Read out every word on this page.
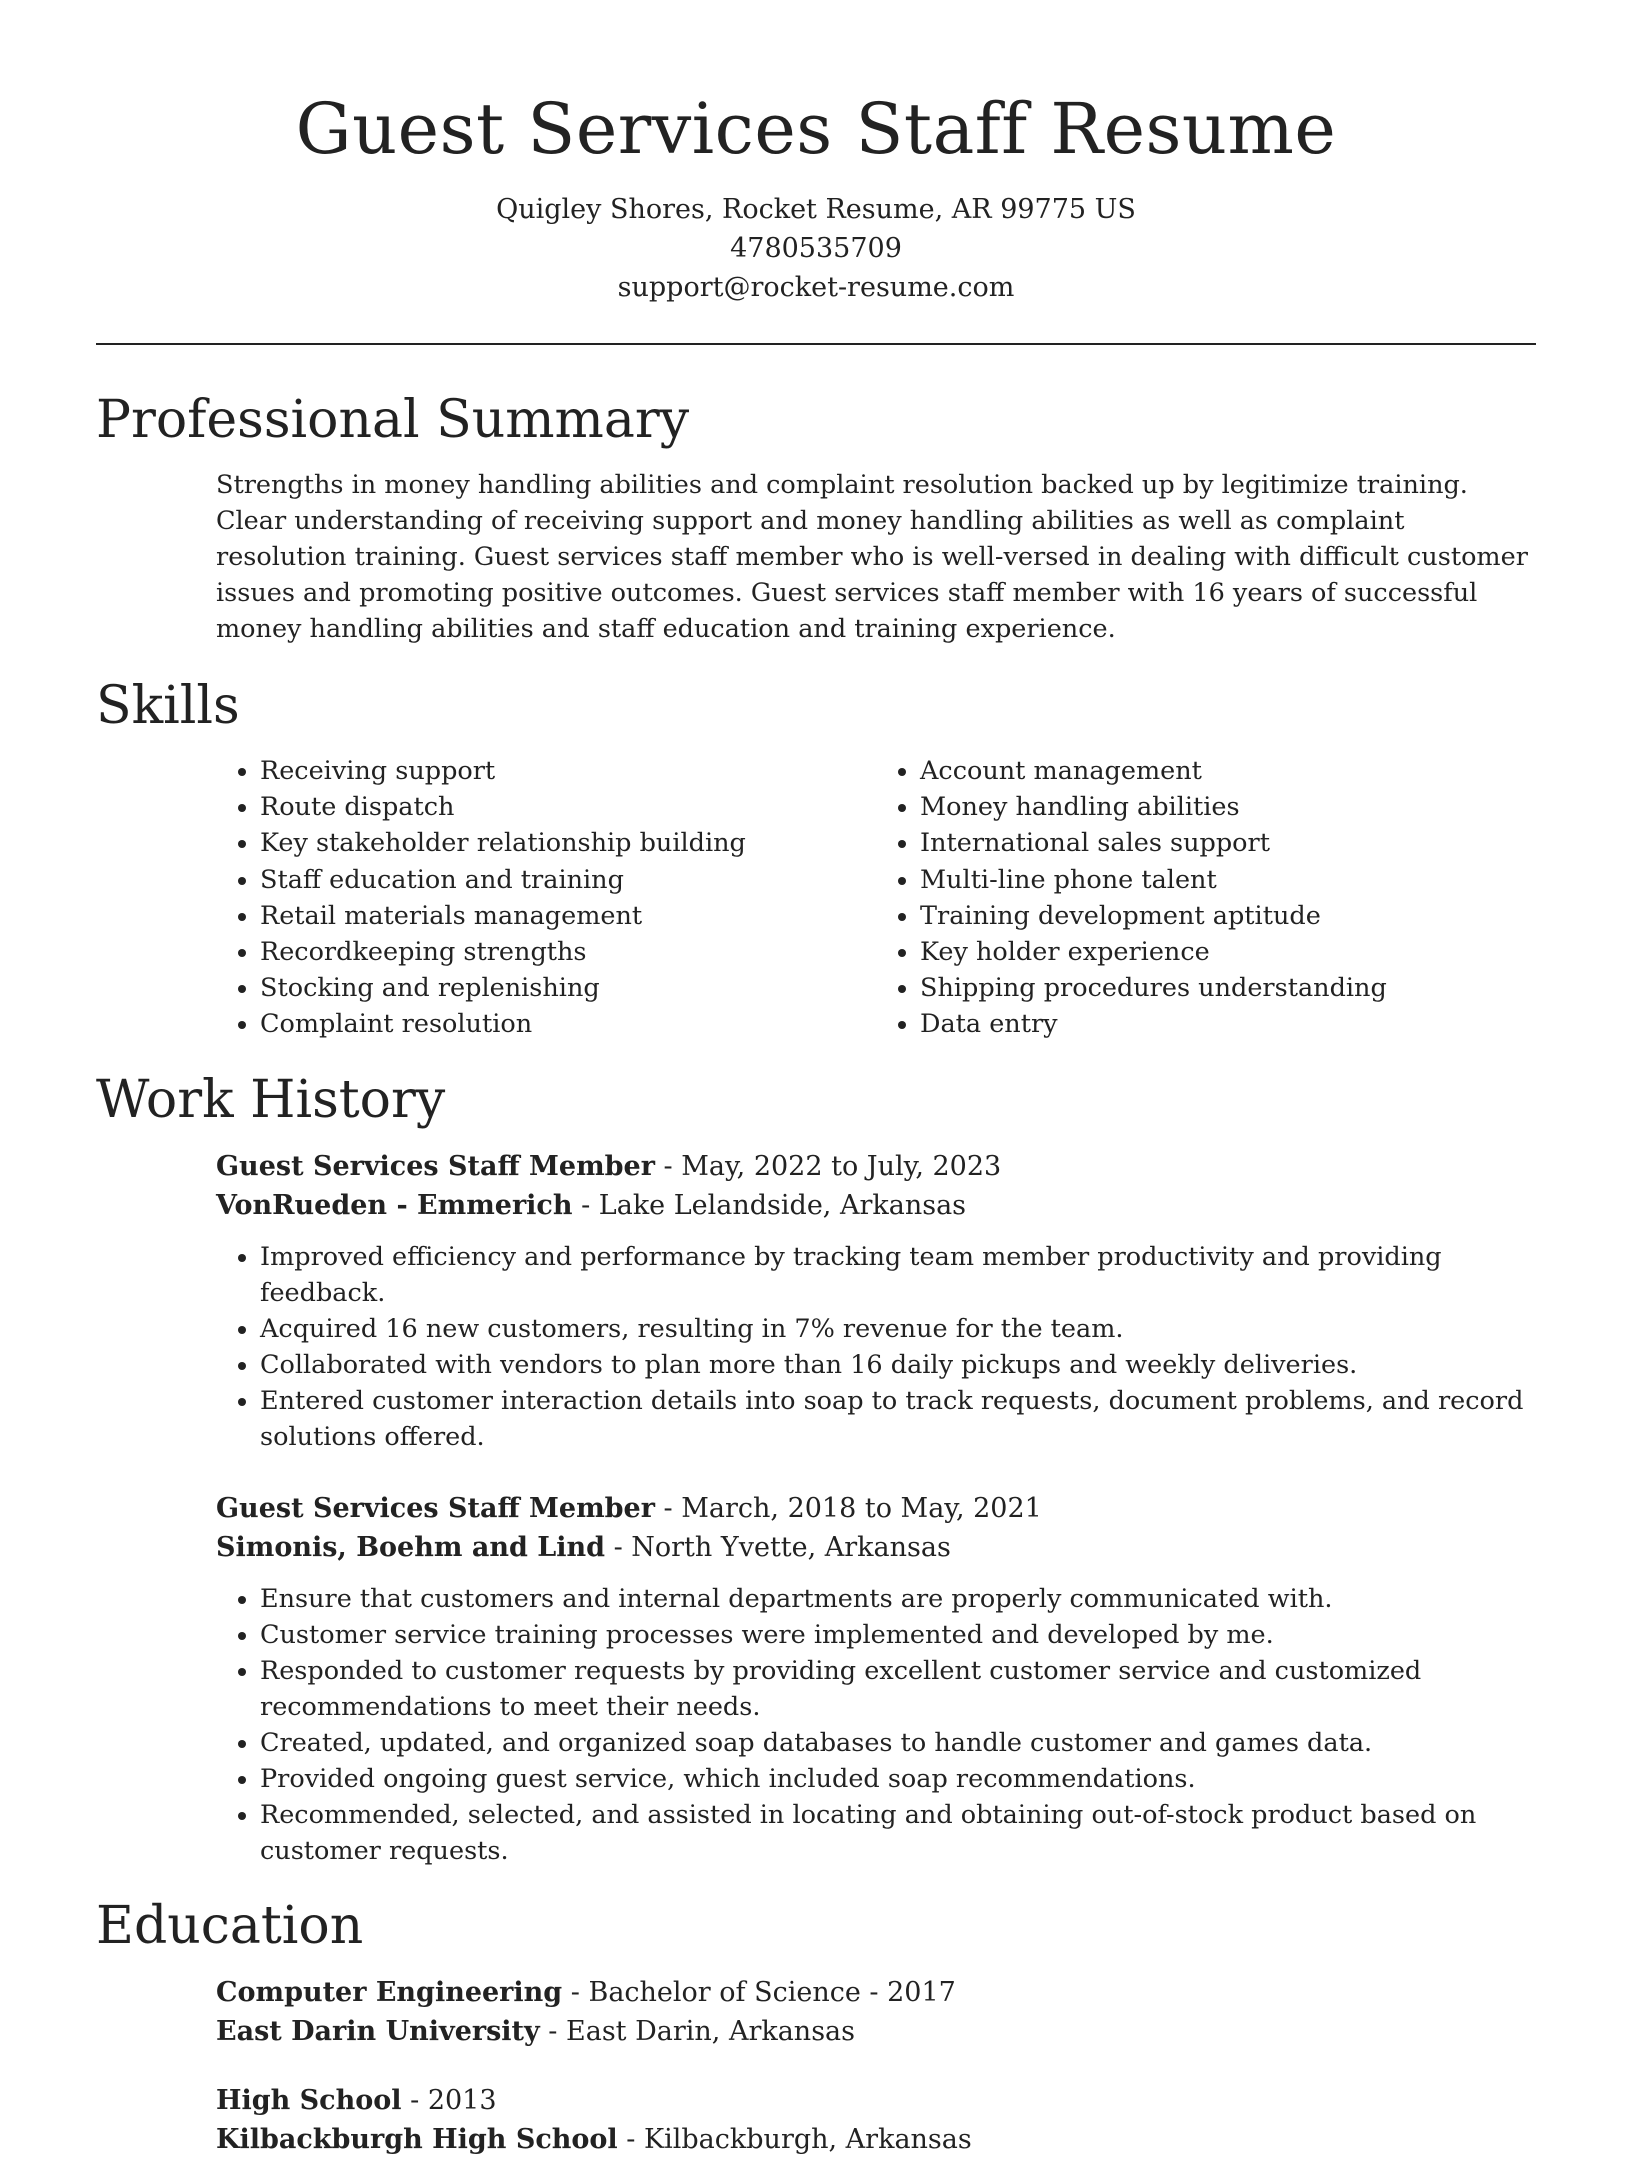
Guest Services Staff Resume
Quigley Shores, Rocket Resume, AR 99775 US
4780535709
support@rocket-resume.com
Professional Summary

Strengths in money handling abilities and complaint resolution backed up by legitimize training. Clear understanding of receiving support and money handling abilities as well as complaint resolution training. Guest services staff member who is well-versed in dealing with difficult customer issues and promoting positive outcomes. Guest services staff member with 16 years of successful money handling abilities and staff education and training experience.

Skills
• Receiving support
• Route dispatch
• Key stakeholder relationship building
• Staff education and training
• Retail materials management
• Recordkeeping strengths
• Stocking and replenishing
• Complaint resolution
• Account management
• Money handling abilities
• International sales support
• Multi-line phone talent
• Training development aptitude
• Key holder experience
• Shipping procedures understanding
• Data entry
Work History

Guest Services Staff Member - May, 2022 to July, 2023

VonRueden - Emmerich - Lake Lelandside, Arkansas

• Improved efficiency and performance by tracking team member productivity and providing feedback.
• Acquired 16 new customers, resulting in 7% revenue for the team.
• Collaborated with vendors to plan more than 16 daily pickups and weekly deliveries.
• Entered customer interaction details into soap to track requests, document problems, and record solutions offered.

Guest Services Staff Member - March, 2018 to May, 2021

Simonis, Boehm and Lind - North Yvette, Arkansas

• Ensure that customers and internal departments are properly communicated with.
• Customer service training processes were implemented and developed by me.
• Responded to customer requests by providing excellent customer service and customized recommendations to meet their needs.
• Created, updated, and organized soap databases to handle customer and games data.
• Provided ongoing guest service, which included soap recommendations.
• Recommended, selected, and assisted in locating and obtaining out-of-stock product based on customer requests.
Education

Computer Engineering - Bachelor of Science - 2017

East Darin University - East Darin, Arkansas

High School - 2013

Kilbackburgh High School - Kilbackburgh, Arkansas
